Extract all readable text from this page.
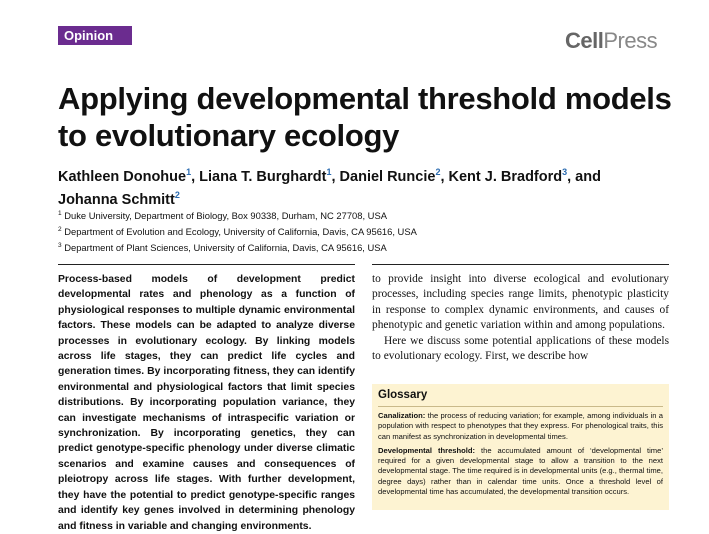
Opinion	CellPress
Applying developmental threshold models to evolutionary ecology
Kathleen Donohue$^1$, Liana T. Burghardt$^1$, Daniel Runcie$^2$, Kent J. Bradford$^3$, and Johanna Schmitt$^2$
$^1$ Duke University, Department of Biology, Box 90338, Durham, NC 27708, USA
$^2$ Department of Evolution and Ecology, University of California, Davis, CA 95616, USA
$^3$ Department of Plant Sciences, University of California, Davis, CA 95616, USA
Process-based models of development predict developmental rates and phenology as a function of physiological responses to multiple dynamic environmental factors. These models can be adapted to analyze diverse processes in evolutionary ecology. By linking models across life stages, they can predict life cycles and generation times. By incorporating fitness, they can identify environmental and physiological factors that limit species distributions. By incorporating population variance, they can investigate mechanisms of intraspecific variation or synchronization. By incorporating genetics, they can predict genotype-specific phenology under diverse climatic scenarios and examine causes and consequences of pleiotropy across life stages. With further development, they have the potential to predict genotype-specific ranges and identify key genes involved in determining phenology and fitness in variable and changing environments.

to provide insight into diverse ecological and evolutionary processes, including species range limits, phenotypic plasticity in response to complex dynamic environments, and causes of phenotypic and genetic variation within and among populations.

Here we discuss some potential applications of these models to evolutionary ecology. First, we describe how

Glossary

Canalization: the process of reducing variation; for example, among individuals in a population with respect to phenotypes that they express. For phenological traits, this can manifest as synchronization in developmental times.

Developmental threshold: the accumulated amount of ‘developmental time’ required for a given developmental stage to allow a transition to the next developmental stage. The time required is in developmental units (e.g., thermal time, degree days) rather than in calendar time units. Once a threshold level of developmental time has accumulated, the developmental transition occurs.
